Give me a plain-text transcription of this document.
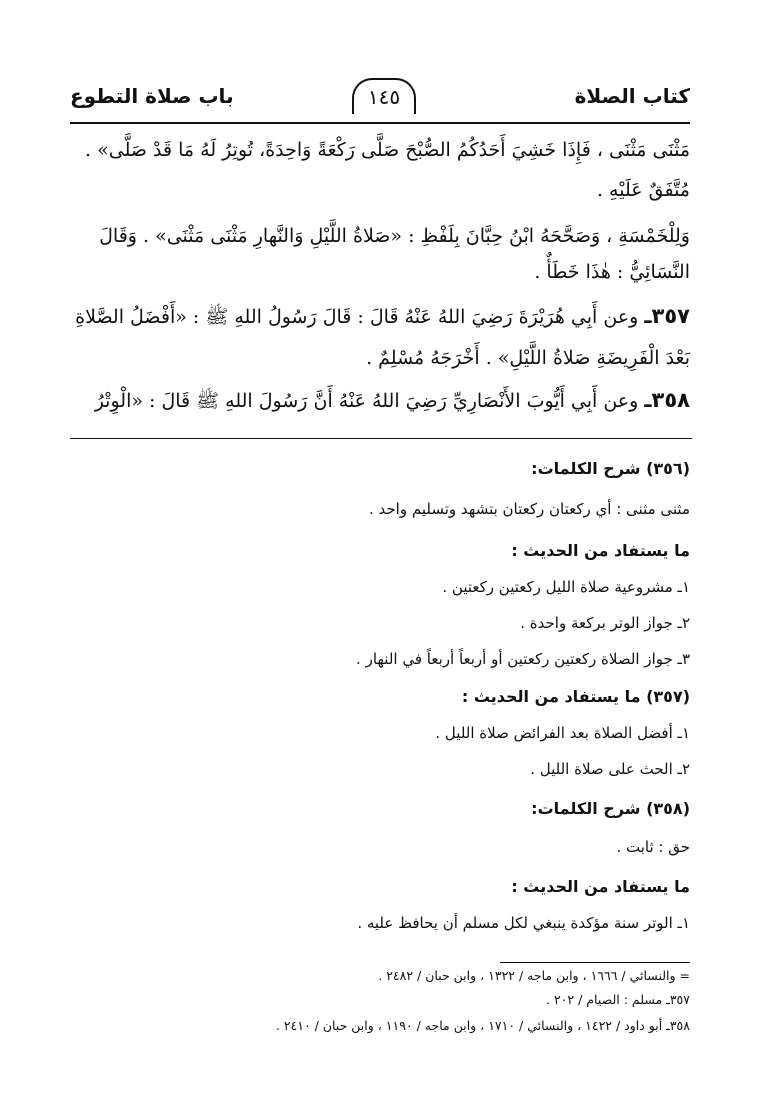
كتاب الصلاة
١٤٥
باب صلاة التطوع
مَثْنَى مَثْنَى ، فَإِذَا خَشِيَ أَحَدُكُمُ الصُّبْحَ صَلَّى رَكْعَةً وَاحِدَةً، تُوتِرُ لَهُ مَا قَدْ صَلَّى» .
مُتَّفَقٌ عَلَيْهِ .
وَلِلْخَمْسَةِ ، وَصَحَّحَهُ ابْنُ حِبَّانَ بِلَفْظِ : «صَلاةُ اللَّيْلِ وَالنَّهارِ مَثْنَى مَثْنَى» . وَقَالَ
النَّسَائِيُّ : هٰذَا خَطَأٌ .
٣٥٧ـ وعن أَبِي هُرَيْرَةَ رَضِيَ اللهُ عَنْهُ قَالَ : قَالَ رَسُولُ اللهِ ﷺ : «أَفْضَلُ الصَّلاةِ
بَعْدَ الْفَرِيضَةِ صَلاةُ اللَّيْلِ» . أَخْرَجَهُ مُسْلِمٌ .
٣٥٨ـ وعن أَبِي أَيُّوبَ الأَنْصَارِيِّ رَضِيَ اللهُ عَنْهُ أَنَّ رَسُولَ اللهِ ﷺ قَالَ : «الْوِتْرُ
(٣٥٦) شرح الكلمات:
مثنى مثنى : أي ركعتان ركعتان بتشهد وتسليم واحد .
ما يستفاد من الحديث :
١ـ مشروعية صلاة الليل ركعتين ركعتين .
٢ـ جواز الوتر بركعة واحدة .
٣ـ جواز الصلاة ركعتين ركعتين أو أربعاً أربعاً في النهار .
(٣٥٧) ما يستفاد من الحديث :
١ـ أفضل الصلاة بعد الفرائض صلاة الليل .
٢ـ الحث على صلاة الليل .
(٣٥٨) شرح الكلمات:
حق : ثابت .
ما يستفاد من الحديث :
١ـ الوتر سنة مؤكدة ينبغي لكل مسلم أن يحافظ عليه .
= والنسائي / ١٦٦٦ ، وابن ماجه / ١٣٢٢ ، وابن حبان / ٢٤٨٢ .
٣٥٧ـ مسلم : الصيام / ٢٠٢ .
٣٥٨ـ أبو داود / ١٤٢٢ ، والنسائي / ١٧١٠ ، وابن ماجه / ١١٩٠ ، وابن حبان / ٢٤١٠ .
